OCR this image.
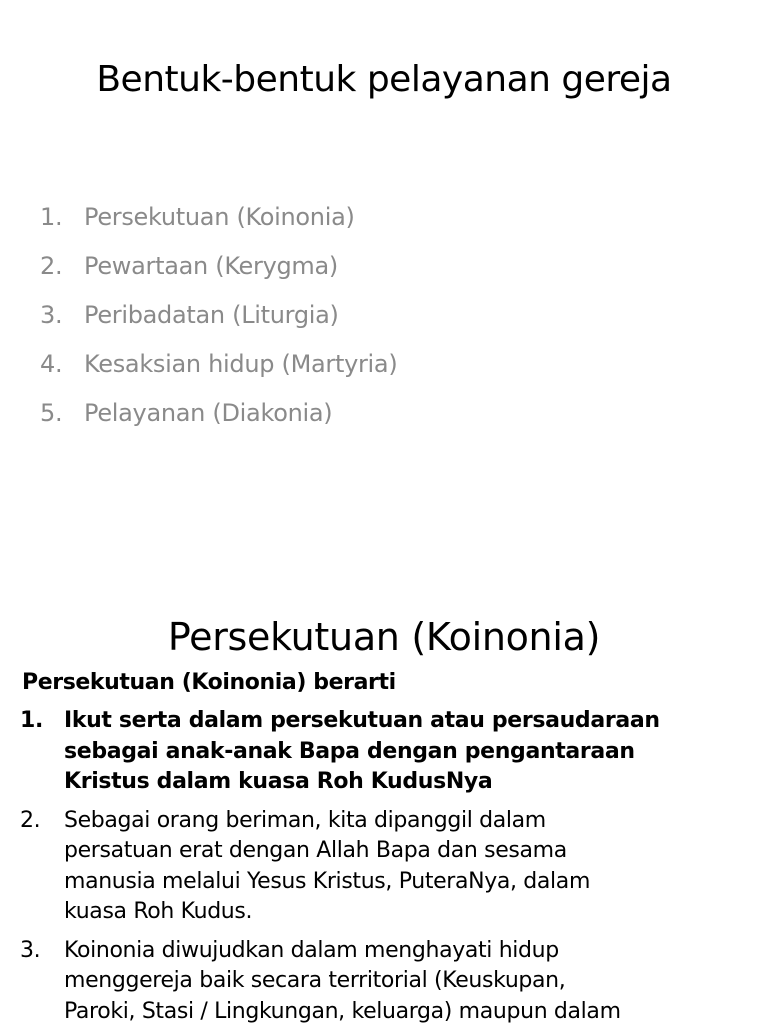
Bentuk-bentuk pelayanan gereja
1. Persekutuan (Koinonia)
2. Pewartaan (Kerygma)
3. Peribadatan (Liturgia)
4. Kesaksian hidup (Martyria)
5. Pelayanan (Diakonia)
Persekutuan (Koinonia)

Persekutuan (Koinonia) berarti

1. Ikut serta dalam persekutuan atau persaudaraan
sebagai anak-anak Bapa dengan pengantaraan
Kristus dalam kuasa Roh KudusNya
2. Sebagai orang beriman, kita dipanggil dalam
persatuan erat dengan Allah Bapa dan sesama
manusia melalui Yesus Kristus, PuteraNya, dalam
kuasa Roh Kudus.
3. Koinonia diwujudkan dalam menghayati hidup
menggereja baik secara territorial (Keuskupan,
Paroki, Stasi / Lingkungan, keluarga) maupun dalam
